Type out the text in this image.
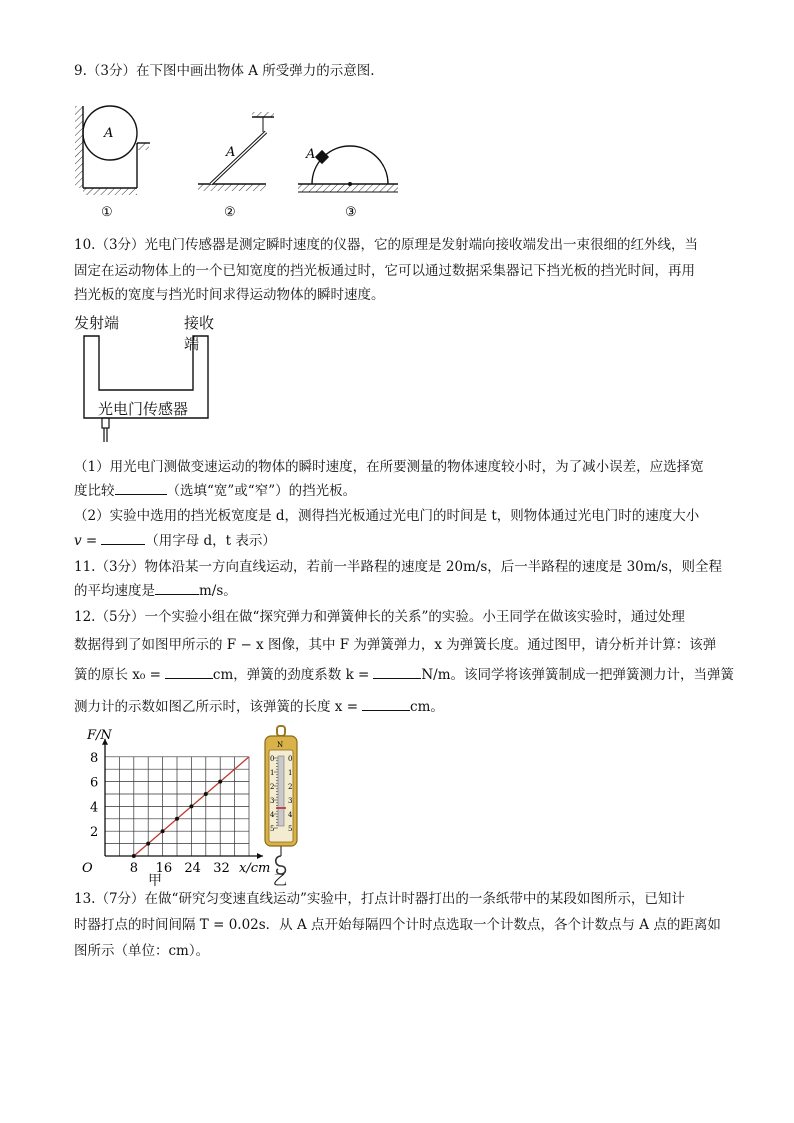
9.（3分）在下图中画出物体 A 所受弹力的示意图.
A
①
A
②
A
③
10.（3分）光电门传感器是测定瞬时速度的仪器，它的原理是发射端向接收端发出一束很细的红外线，当
固定在运动物体上的一个已知宽度的挡光板通过时，它可以通过数据采集器记下挡光板的挡光时间，再用
挡光板的宽度与挡光时间求得运动物体的瞬时速度。
发射端	接收端
光电门传感器
（1）用光电门测做变速运动的物体的瞬时速度，在所要测量的物体速度较小时，为了减小误差，应选择宽
度比较	（选填“宽”或“窄”）的挡光板。
（2）实验中选用的挡光板宽度是 d，测得挡光板通过光电门的时间是 t，则物体通过光电门时的速度大小
v =	（用字母 d，t 表示）
11.（3分）物体沿某一方向直线运动，若前一半路程的速度是 20m/s，后一半路程的速度是 30m/s，则全程
的平均速度是	m/s。
12.（5分）一个实验小组在做“探究弹力和弹簧伸长的关系”的实验。小王同学在做该实验时，通过处理
数据得到了如图甲所示的 F − x 图像，其中 F 为弹簧弹力，x 为弹簧长度。通过图甲，请分析并计算：该弹
簧的原长 x₀ =	cm，弹簧的劲度系数 k =	N/m。该同学将该弹簧制成一把弹簧测力计，当弹簧
测力计的示数如图乙所示时，该弹簧的长度 x =	cm。
8 16 24 32
2
4
6
8
O	x/cm
F/N
甲
N
0 0
1 1
2 2
3 3
4 4
5 5
乙
13.（7分）在做“研究匀变速直线运动”实验中，打点计时器打出的一条纸带中的某段如图所示，已知计
时器打点的时间间隔 T = 0.02s．从 A 点开始每隔四个计时点选取一个计数点，各个计数点与 A 点的距离如
图所示（单位：cm）。
